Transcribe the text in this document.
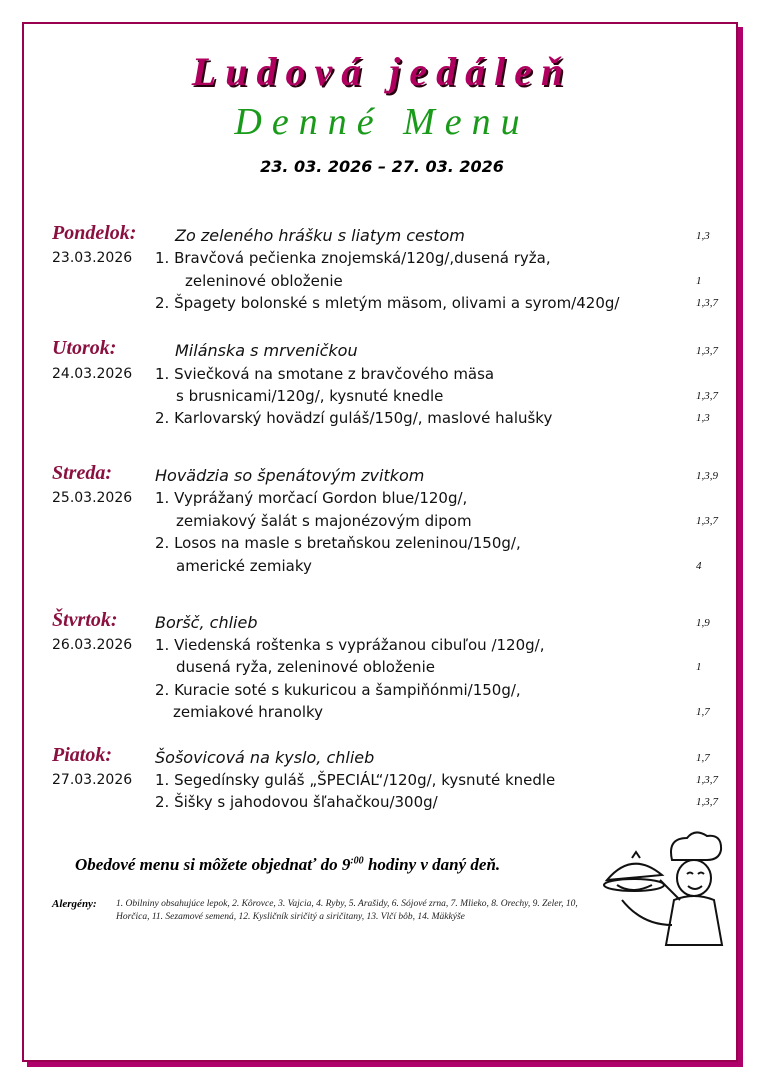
Ludová jedáleň
Denné Menu
23. 03. 2026 – 27. 03. 2026
Pondelok: Zo zeleného hrášku s liatym cestom	1,3
23.03.2026 1. Bravčová pečienka znojemská/120g/,dusená ryža,
zeleninové obloženie	1
2. Špagety bolonské s mletým mäsom, olivami a syrom/420g/	1,3,7
Utorok:	Milánska s mrveničkou	1,3,7
24.03.2026 1. Sviečková na smotane z bravčového mäsa
s brusnicami/120g/, kysnuté knedle	1,3,7
2. Karlovarský hovädzí guláš/150g/, maslové halušky	1,3
Streda:	Hovädzia so špenátovým zvitkom	1,3,9
25.03.2026 1. Vyprážaný morčací Gordon blue/120g/,
zemiakový šalát s majonézovým dipom	1,3,7
2. Losos na masle s bretaňskou zeleninou/150g/,
americké zemiaky	4
Štvrtok: Boršč, chlieb	1,9
26.03.2026 1. Viedenská roštenka s vyprážanou cibuľou /120g/,
dusená ryža, zeleninové obloženie	1
2. Kuracie soté s kukuricou a šampiňónmi/150g/,
zemiakové hranolky	1,7
Piatok:	Šošovicová na kyslo, chlieb	1,7
27.03.2026 1. Segedínsky guláš „ŠPECIÁL“/120g/, kysnuté knedle	1,3,7
2. Šišky s jahodovou šľahačkou/300g/	1,3,7
Obedové menu si môžete objednať do $9^{:00}$ hodiny v daný deň.
Alergény: 1. Obilniny obsahujúce lepok, 2. Kôrovce, 3. Vajcia, 4. Ryby, 5. Arašidy, 6. Sójové zrna, 7. Mlieko, 8. Orechy, 9. Zeler, 10, Horčica, 11. Sezamové semená, 12. Kysličník siričitý a siričitany, 13. Vlčí bôb, 14. Mäkkýše
